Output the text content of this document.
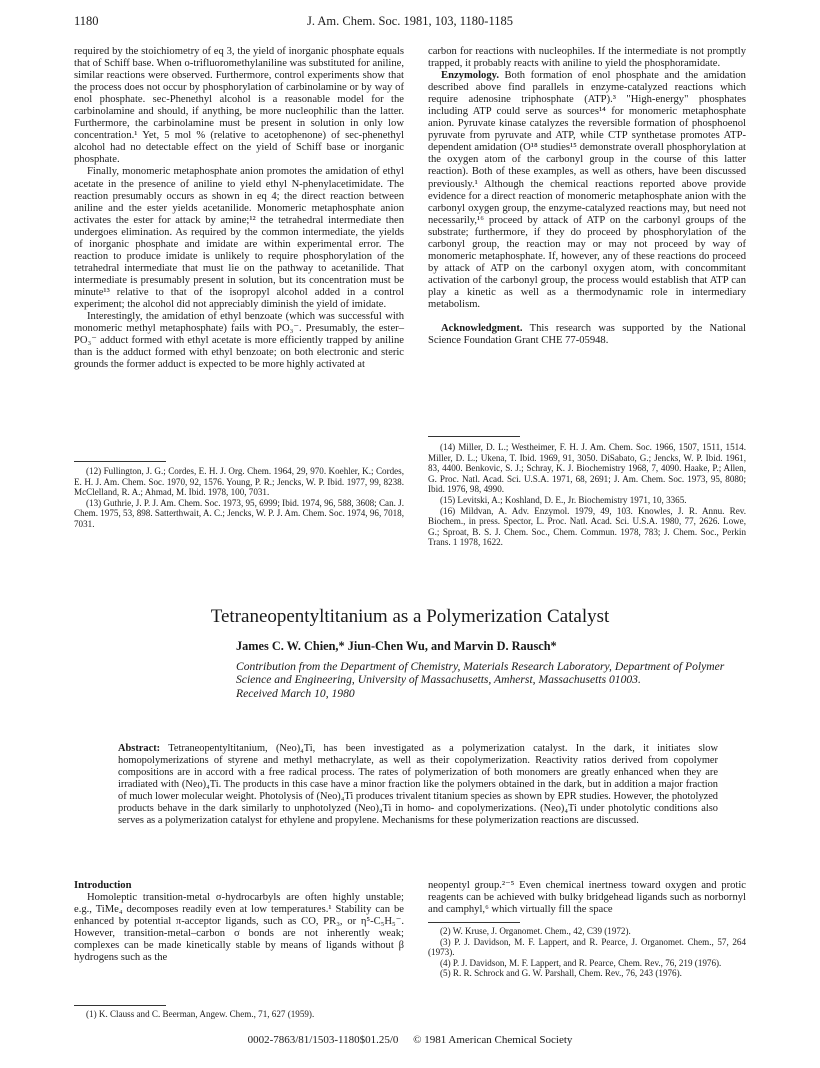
1180	J. Am. Chem. Soc. 1981, 103, 1180-1185

required by the stoichiometry of eq 3, the yield of inorganic phosphate equals that of Schiff base. When o-trifluoromethylaniline was substituted for aniline, similar reactions were observed. Furthermore, control experiments show that the process does not occur by phosphorylation of carbinolamine or by way of enol phosphate. sec-Phenethyl alcohol is a reasonable model for the carbinolamine and should, if anything, be more nucleophilic than the latter. Furthermore, the carbinolamine must be present in solution in only low concentration.¹ Yet, 5 mol % (relative to acetophenone) of sec-phenethyl alcohol had no detectable effect on the yield of Schiff base or inorganic phosphate.

Finally, monomeric metaphosphate anion promotes the amidation of ethyl acetate in the presence of aniline to yield ethyl N-phenylacetimidate. The reaction presumably occurs as shown in eq 4; the direct reaction between aniline and the ester yields acetanilide. Monomeric metaphosphate anion activates the ester for attack by amine;¹² the tetrahedral intermediate then undergoes elimination. As required by the common intermediate, the yields of inorganic phosphate and imidate are within experimental error. The reaction to produce imidate is unlikely to require phosphorylation of the tetrahedral intermediate that must lie on the pathway to acetanilide. That intermediate is presumably present in solution, but its concentration must be minute¹³ relative to that of the isopropyl alcohol added in a control experiment; the alcohol did not appreciably diminish the yield of imidate.

Interestingly, the amidation of ethyl benzoate (which was successful with monomeric methyl metaphosphate) fails with PO₃⁻. Presumably, the ester–PO₃⁻ adduct formed with ethyl acetate is more efficiently trapped by aniline than is the adduct formed with ethyl benzoate; on both electronic and steric grounds the former adduct is expected to be more highly activated at

(12) Fullington, J. G.; Cordes, E. H. J. Org. Chem. 1964, 29, 970. Koehler, K.; Cordes, E. H. J. Am. Chem. Soc. 1970, 92, 1576. Young, P. R.; Jencks, W. P. Ibid. 1977, 99, 8238. McClelland, R. A.; Ahmad, M. Ibid. 1978, 100, 7031.

(13) Guthrie, J. P. J. Am. Chem. Soc. 1973, 95, 6999; Ibid. 1974, 96, 588, 3608; Can. J. Chem. 1975, 53, 898. Satterthwait, A. C.; Jencks, W. P. J. Am. Chem. Soc. 1974, 96, 7018, 7031.

carbon for reactions with nucleophiles. If the intermediate is not promptly trapped, it probably reacts with aniline to yield the phosphoramidate.

Enzymology. Both formation of enol phosphate and the amidation described above find parallels in enzyme-catalyzed reactions which require adenosine triphosphate (ATP).³ "High-energy" phosphates including ATP could serve as sources¹⁴ for monomeric metaphosphate anion. Pyruvate kinase catalyzes the reversible formation of phosphoenol pyruvate from pyruvate and ATP, while CTP synthetase promotes ATP-dependent amidation (O¹⁸ studies¹⁵ demonstrate overall phosphorylation at the oxygen atom of the carbonyl group in the course of this latter reaction). Both of these examples, as well as others, have been discussed previously.¹ Although the chemical reactions reported above provide evidence for a direct reaction of monomeric metaphosphate anion with the carbonyl oxygen group, the enzyme-catalyzed reactions may, but need not necessarily,¹⁶ proceed by attack of ATP on the carbonyl groups of the substrate; furthermore, if they do proceed by phosphorylation of the carbonyl group, the reaction may or may not proceed by way of monomeric metaphosphate. If, however, any of these reactions do proceed by attack of ATP on the carbonyl oxygen atom, with concommitant activation of the carbonyl group, the process would establish that ATP can play a kinetic as well as a thermodynamic role in intermediary metabolism.

Acknowledgment. This research was supported by the National Science Foundation Grant CHE 77-05948.

(14) Miller, D. L.; Westheimer, F. H. J. Am. Chem. Soc. 1966, 1507, 1511, 1514. Miller, D. L.; Ukena, T. Ibid. 1969, 91, 3050. DiSabato, G.; Jencks, W. P. Ibid. 1961, 83, 4400. Benkovic, S. J.; Schray, K. J. Biochemistry 1968, 7, 4090. Haake, P.; Allen, G. Proc. Natl. Acad. Sci. U.S.A. 1971, 68, 2691; J. Am. Chem. Soc. 1973, 95, 8080; Ibid. 1976, 98, 4990.

(15) Levitski, A.; Koshland, D. E., Jr. Biochemistry 1971, 10, 3365.

(16) Mildvan, A. Adv. Enzymol. 1979, 49, 103. Knowles, J. R. Annu. Rev. Biochem., in press. Spector, L. Proc. Natl. Acad. Sci. U.S.A. 1980, 77, 2626. Lowe, G.; Sproat, B. S. J. Chem. Soc., Chem. Commun. 1978, 783; J. Chem. Soc., Perkin Trans. 1 1978, 1622.

Tetraneopentyltitanium as a Polymerization Catalyst
James C. W. Chien,* Jiun-Chen Wu, and Marvin D. Rausch*
Contribution from the Department of Chemistry, Materials Research Laboratory, Department of Polymer Science and Engineering, University of Massachusetts, Amherst, Massachusetts 01003.
Received March 10, 1980
Abstract: Tetraneopentyltitanium, (Neo)₄Ti, has been investigated as a polymerization catalyst. In the dark, it initiates slow homopolymerizations of styrene and methyl methacrylate, as well as their copolymerization. Reactivity ratios derived from copolymer compositions are in accord with a free radical process. The rates of polymerization of both monomers are greatly enhanced when they are irradiated with (Neo)₄Ti. The products in this case have a minor fraction like the polymers obtained in the dark, but in addition a major fraction of much lower molecular weight. Photolysis of (Neo)₄Ti produces trivalent titanium species as shown by EPR studies. However, the photolyzed products behave in the dark similarly to unphotolyzed (Neo)₄Ti in homo- and copolymerizations. (Neo)₄Ti under photolytic conditions also serves as a polymerization catalyst for ethylene and propylene. Mechanisms for these polymerization reactions are discussed.

Introduction

Homoleptic transition-metal σ-hydrocarbyls are often highly unstable; e.g., TiMe₄ decomposes readily even at low temperatures.¹ Stability can be enhanced by potential π-acceptor ligands, such as CO, PR₃, or η⁵-C₅H₅⁻. However, transition-metal–carbon σ bonds are not inherently weak; complexes can be made kinetically stable by means of ligands without β hydrogens such as the

(1) K. Clauss and C. Beerman, Angew. Chem., 71, 627 (1959).

neopentyl group.²⁻⁵ Even chemical inertness toward oxygen and protic reagents can be achieved with bulky bridgehead ligands such as norbornyl and camphyl,⁶ which virtually fill the space

(2) W. Kruse, J. Organomet. Chem., 42, C39 (1972).

(3) P. J. Davidson, M. F. Lappert, and R. Pearce, J. Organomet. Chem., 57, 264 (1973).

(4) P. J. Davidson, M. F. Lappert, and R. Pearce, Chem. Rev., 76, 219 (1976).

(5) R. R. Schrock and G. W. Parshall, Chem. Rev., 76, 243 (1976).

0002-7863/81/1503-1180$01.25/0 © 1981 American Chemical Society
